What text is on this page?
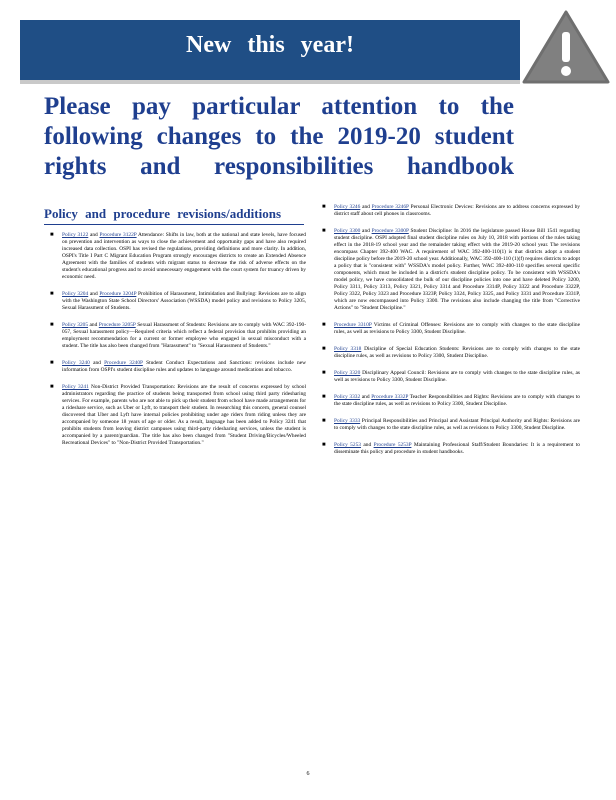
New this year!
Please pay particular attention to the
following changes to the 2019-20 student
rights and responsibilities handbook
Policy and procedure revisions/additions
■ Policy 3122 and Procedure 3122P Attendance: Shifts in law, both at the national and state levels, have focused on prevention and intervention as ways to close the achievement and opportunity gaps and have also required increased data collection. OSPI has revised the regulations, providing definitions and more clarity. In addition, OSPI's Title I Part C Migrant Education Program strongly encourages districts to create an Extended Absence Agreement with the families of students with migrant status to decrease the risk of adverse effects on the student's educational progress and to avoid unnecessary engagement with the court system for truancy driven by economic need.
■ Policy 3204 and Procedure 3204P Prohibition of Harassment, Intimidation and Bullying: Revisions are to align with the Washington State School Directors' Association (WSSDA) model policy and revisions to Policy 3205, Sexual Harassment of Students.
■ Policy 3205 and Procedure 3205P Sexual Harassment of Students: Revisions are to comply with WAC 392-190-057, Sexual harassment policy—Required criteria which reflect a federal provision that prohibits providing an employment recommendation for a current or former employee who engaged in sexual misconduct with a student. The title has also been changed from "Harassment" to "Sexual Harassment of Students."
■ Policy 3240 and Procedure 3240P Student Conduct Expectations and Sanctions: revisions include new information from OSPI's student discipline rules and updates to language around medications and tobacco.
■ Policy 3241 Non-District Provided Transportation: Revisions are the result of concerns expressed by school administrators regarding the practice of students being transported from school using third party ridesharing services. For example, parents who are not able to pick up their student from school have made arrangements for a rideshare service, such as Uber or Lyft, to transport their student. In researching this concern, general counsel discovered that Uber and Lyft have internal policies prohibiting under age riders from riding unless they are accompanied by someone 18 years of age or older. As a result, language has been added to Policy 3241 that prohibits students from leaving district campuses using third-party ridesharing services, unless the student is accompanied by a parent/guardian. The title has also been changed from "Student Driving/Bicycles/Wheeled Recreational Devices" to "Non-District Provided Transportation."
■ Policy 3246 and Procedure 3246P Personal Electronic Devices: Revisions are to address concerns expressed by district staff about cell phones in classrooms.
■ Policy 3300 and Procedure 3300P Student Discipline: In 2016 the legislature passed House Bill 1541 regarding student discipline. OSPI adopted final student discipline rules on July 10, 2018 with portions of the rules taking effect in the 2018-19 school year and the remainder taking effect with the 2019-20 school year. The revisions encompass Chapter 392-400 WAC. A requirement of WAC 392-400-110(1) is that districts adopt a student discipline policy before the 2019-20 school year. Additionally, WAC 392-400-110 (1)(f) requires districts to adopt a policy that is "consistent with" WSSDA's model policy. Further, WAC 392-400-110 specifies several specific components, which must be included in a district's student discipline policy. To be consistent with WSSDA's model policy, we have consolidated the bulk of our discipline policies into one and have deleted Policy 3200, Policy 3311, Policy 3313, Policy 3321, Policy 3314 and Procedure 3314P, Policy 3322 and Procedure 3322P, Policy 3322, Policy 3323 and Procedure 3323P, Policy 3324, Policy 3325, and Policy 3331 and Procedure 3331P, which are now encompassed into Policy 3300. The revisions also include changing the title from "Corrective Actions" to "Student Discipline."
■ Procedure 3310P Victims of Criminal Offenses: Revisions are to comply with changes to the state discipline rules, as well as revisions to Policy 3300, Student Discipline.
■ Policy 3318 Discipline of Special Education Students: Revisions are to comply with changes to the state discipline rules, as well as revisions to Policy 3300, Student Discipline.
■ Policy 3320 Disciplinary Appeal Council: Revisions are to comply with changes to the state discipline rules, as well as revisions to Policy 3300, Student Discipline.
■ Policy 3332 and Procedure 3332P Teacher Responsibilities and Rights: Revisions are to comply with changes to the state discipline rules, as well as revisions to Policy 3300, Student Discipline.
■ Policy 3333 Principal Responsibilities and Principal and Assistant Principal Authority and Rights: Revisions are to comply with changes to the state discipline rules, as well as revisions to Policy 3300, Student Discipline.
■ Policy 5253 and Procedure 5253P Maintaining Professional Staff/Student Boundaries: It is a requirement to disseminate this policy and procedure in student handbooks.
6
